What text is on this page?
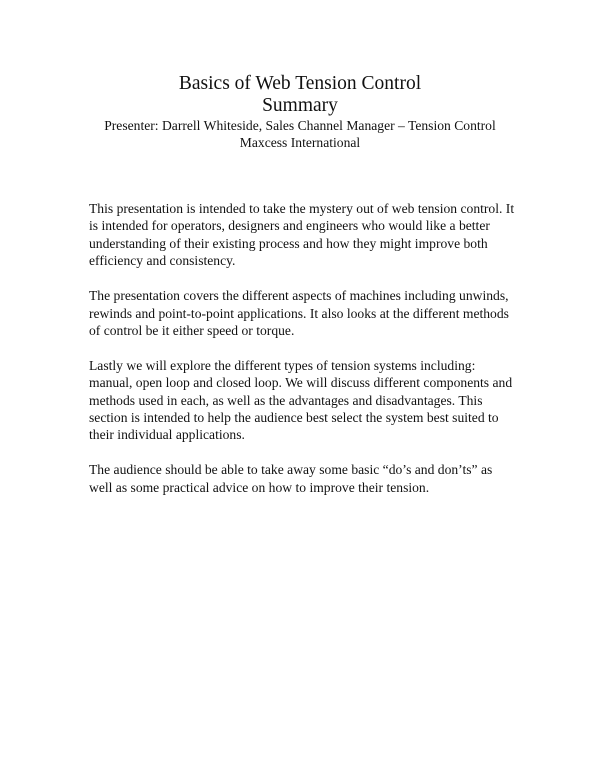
Basics of Web Tension Control
Summary

Presenter: Darrell Whiteside, Sales Channel Manager – Tension Control

Maxcess International

This presentation is intended to take the mystery out of web tension control. It is intended for operators, designers and engineers who would like a better understanding of their existing process and how they might improve both efficiency and consistency.

The presentation covers the different aspects of machines including unwinds, rewinds and point-to-point applications. It also looks at the different methods of control be it either speed or torque.

Lastly we will explore the different types of tension systems including: manual, open loop and closed loop. We will discuss different components and methods used in each, as well as the advantages and disadvantages. This section is intended to help the audience best select the system best suited to their individual applications.

The audience should be able to take away some basic “do’s and don’ts” as well as some practical advice on how to improve their tension.
